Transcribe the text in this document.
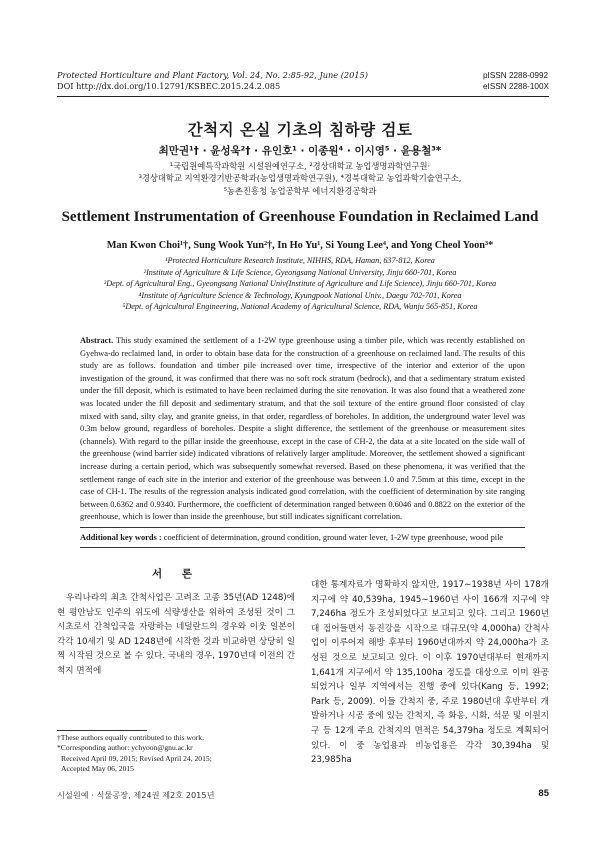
Protected Horticulture and Plant Factory, Vol. 24, No. 2:85-92, June (2015)
DOI http://dx.doi.org/10.12791/KSBEC.2015.24.2.085
pISSN 2288-0992
eISSN 2288-100X
간척지 온실 기초의 침하량 검토
최만권¹† · 윤성욱²† · 유인호¹ · 이종원⁴ · 이시영⁵ · 윤용철³*
¹국립원예특작과학원 시설원예연구소, ²경상대학교 농업생명과학연구원·
³경상대학교 지역환경기반공학과(농업생명과학연구원), ⁴경북대학교 농업과학기술연구소,
⁵농촌진흥청 농업공학부 에너지환경공학과
Settlement Instrumentation of Greenhouse Foundation in Reclaimed Land
Man Kwon Choi¹†, Sung Wook Yun²†, In Ho Yu¹, Si Young Lee⁴, and Yong Cheol Yoon³*
¹Protected Horticulture Research Institute, NIHHS, RDA, Haman, 637-812, Korea
²Institute of Agriculture & Life Science, Gyeongsang National University, Jinju 660-701, Korea
³Dept. of Agricultural Eng., Gyeongsang National Univ(Institute of Agriculture and Life Science), Jinju 660-701, Korea
⁴Institute of Agriculture Science & Technology, Kyungpook National Univ., Daegu 702-701, Korea
⁵Dept. of Agricultural Engineering, National Academy of Agricultural Science, RDA, Wanju 565-851, Korea
Abstract. This study examined the settlement of a 1-2W type greenhouse using a timber pile, which was recently established on Gyehwa-do reclaimed land, in order to obtain base data for the construction of a greenhouse on reclaimed land. The results of this study are as follows. foundation and timber pile increased over time, irrespective of the interior and exterior of the upon investigation of the ground, it was confirmed that there was no soft rock stratum (bedrock), and that a sedimentary stratum existed under the fill deposit, which is estimated to have been reclaimed during the site renovation. It was also found that a weathered zone was located under the fill deposit and sedimentary stratum, and that the soil texture of the entire ground floor consisted of clay mixed with sand, silty clay, and granite gneiss, in that order, regardless of boreholes. In addition, the underground water level was 0.3m below ground, regardless of boreholes. Despite a slight difference, the settlement of the greenhouse or measurement sites (channels). With regard to the pillar inside the greenhouse, except in the case of CH-2, the data at a site located on the side wall of the greenhouse (wind barrier side) indicated vibrations of relatively larger amplitude. Moreover, the settlement showed a significant increase during a certain period, which was subsequently somewhat reversed. Based on these phenomena, it was verified that the settlement range of each site in the interior and exterior of the greenhouse was between 1.0 and 7.5mm at this time, except in the case of CH-1. The results of the regression analysis indicated good correlation, with the coefficient of determination by site ranging between 0.6362 and 0.9340. Furthermore, the coefficient of determination ranged between 0.6046 and 0.8822 on the exterior of the greenhouse, which is lower than inside the greenhouse, but still indicates significant correlation.
Additional key words : coefficient of determination, ground condition, ground water lever, 1-2W type greenhouse, wood pile
서 론
우리나라의 최초 간척사업은 고려조 고종 35년(AD 1248)에 현 평안남도 인주의 위도에 식량생산을 위하여 조성된 것이 그 시초로서 간척입국을 자랑하는 네덜란드의 경우와 이웃 일본이 각각 10세기 및 AD 1248년에 시작한 것과 비교하면 상당히 일찍 시작된 것으로 볼 수 있다. 국내의 경우, 1970년대 이전의 간척지 면적에
대한 통계자료가 명확하지 않지만, 1917∼1938년 사이 178개 지구에 약 40,539ha, 1945∼1960년 사이 166개 지구에 약 7,246ha 정도가 조성되었다고 보고되고 있다. 그리고 1960년대 접어들면서 동진강을 시작으로 대규모(약 4,000ha) 간척사업이 이루어져 해방 후부터 1960년대까지 약 24,000ha가 조성된 것으로 보고되고 있다. 이 이후 1970년대부터 현재까지 1,641개 지구에서 약 135,100ha 정도를 대상으로 이미 완공되었거나 일부 지역에서는 진행 중에 있다(Kang 등, 1992; Park 등, 2009). 이들 간척지 중, 주로 1980년대 후반부터 개발하거나 시공 중에 있는 간척지, 즉 화옹, 시화, 석문 및 이원지구 등 12개 주요 간척지의 면적은 54,379ha 정도로 계획되어 있다. 이 중 농업용과 비농업용은 각각 30,394ha 및 23,985ha
†These authors equally contributed to this work.
*Corresponding author: ychyoon@gnu.ac.kr
Received April 09, 2015; Revised April 24, 2015;
Accepted May 06, 2015
시설원예 · 식물공장, 제24권 제2호 2015년	85
